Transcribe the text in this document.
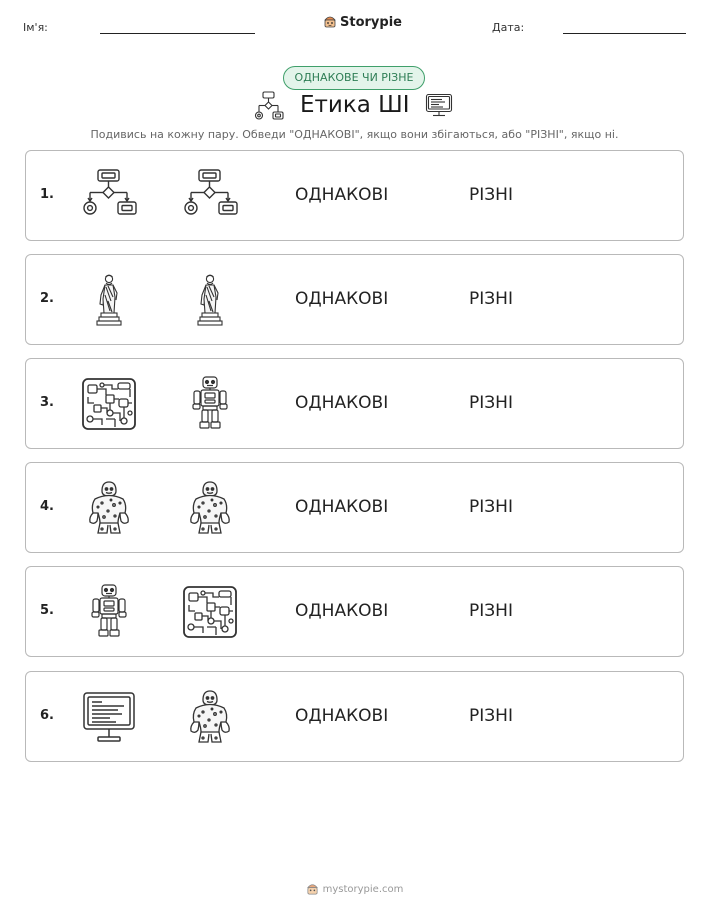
Ім'я:	Storypie	Дата:
ОДНАКОВЕ ЧИ РІЗНЕ
Етика ШІ
Подивись на кожну пару. Обведи "ОДНАКОВІ", якщо вони збігаються, або "РІЗНІ", якщо ні.
1.	ОДНАКОВІ	РІЗНІ
2.	ОДНАКОВІ	РІЗНІ
3.	ОДНАКОВІ	РІЗНІ
4.	ОДНАКОВІ	РІЗНІ
5.	ОДНАКОВІ	РІЗНІ
6.	ОДНАКОВІ	РІЗНІ
mystorypie.com
